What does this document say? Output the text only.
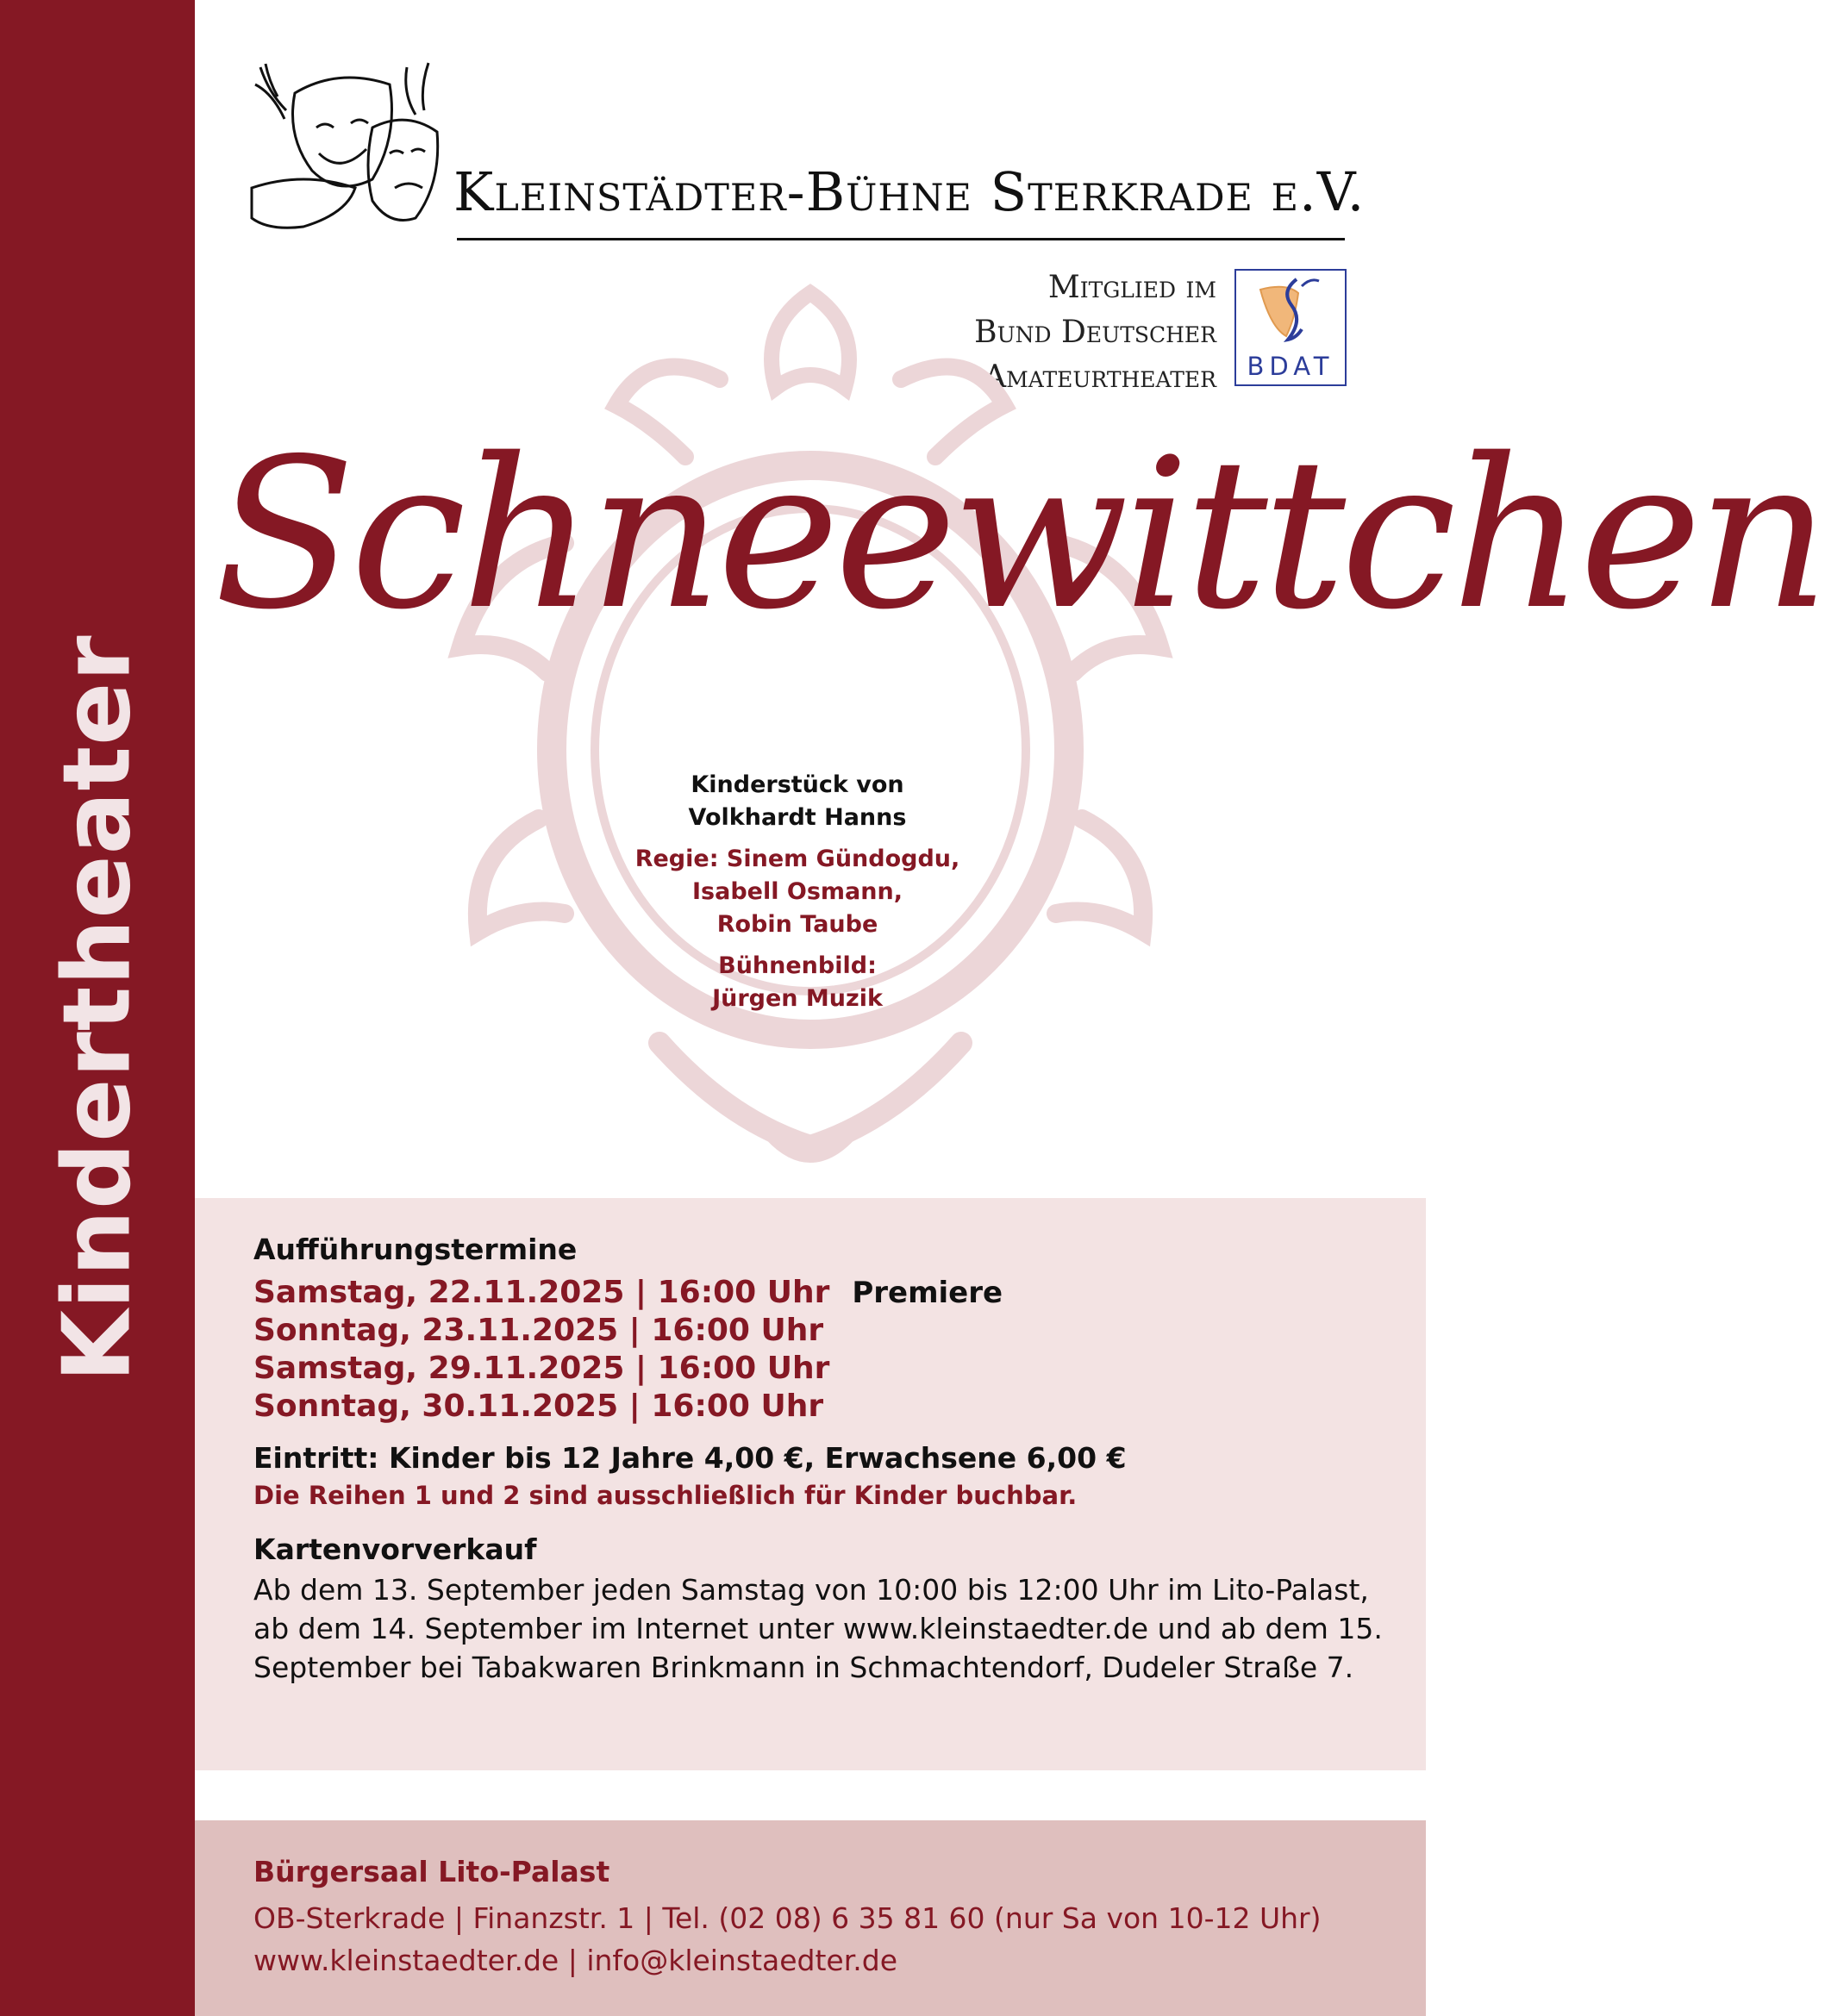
Kindertheater
Kleinstädter-Bühne Sterkrade e.V.
Mitglied im
Bund Deutscher
Amateurtheater	BDAT
Schneewittchen
Kinderstück von
Volkhardt Hanns
Regie: Sinem Gündogdu,
Isabell Osmann,
Robin Taube
Bühnenbild:
Jürgen Muzik
Aufführungstermine
Samstag, 22.11.2025 | 16:00 Uhr Premiere
Sonntag, 23.11.2025 | 16:00 Uhr
Samstag, 29.11.2025 | 16:00 Uhr
Sonntag, 30.11.2025 | 16:00 Uhr
Eintritt: Kinder bis 12 Jahre 4,00 €, Erwachsene 6,00 €
Die Reihen 1 und 2 sind ausschließlich für Kinder buchbar.
Kartenvorverkauf
Ab dem 13. September jeden Samstag von 10:00 bis 12:00 Uhr im Lito-Palast, ab dem 14. September im Internet unter www.kleinstaedter.de und ab dem 15. September bei Tabakwaren Brinkmann in Schmachtendorf, Dudeler Straße 7.
Bürgersaal Lito-Palast
OB-Sterkrade | Finanzstr. 1 | Tel. (02 08) 6 35 81 60 (nur Sa von 10-12 Uhr)
www.kleinstaedter.de | info@kleinstaedter.de
